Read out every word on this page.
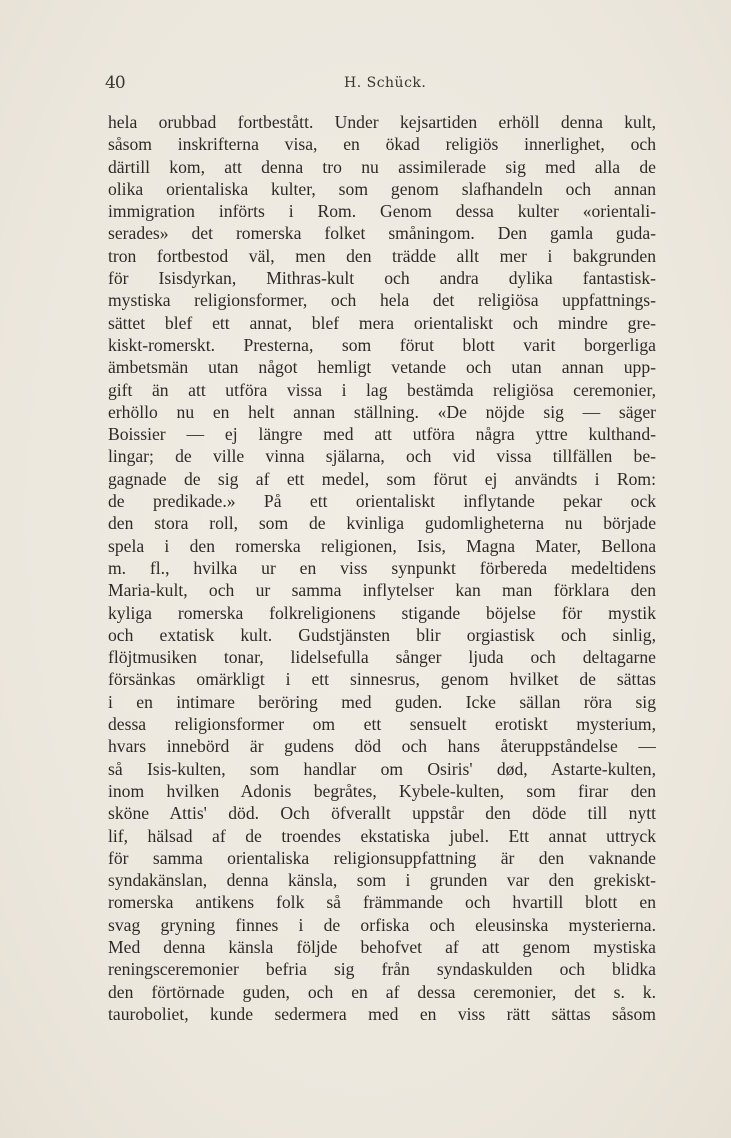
40	H. Schück.
hela orubbad fortbestått. Under kejsartiden erhöll denna kult,
såsom inskrifterna visa, en ökad religiös innerlighet, och
därtill kom, att denna tro nu assimilerade sig med alla de
olika orientaliska kulter, som genom slafhandeln och annan
immigration införts i Rom. Genom dessa kulter «orientali-
serades» det romerska folket småningom. Den gamla guda-
tron fortbestod väl, men den trädde allt mer i bakgrunden
för Isisdyrkan, Mithras-kult och andra dylika fantastisk-
mystiska religionsformer, och hela det religiösa uppfattnings-
sättet blef ett annat, blef mera orientaliskt och mindre gre-
kiskt-romerskt. Presterna, som förut blott varit borgerliga
ämbetsmän utan något hemligt vetande och utan annan upp-
gift än att utföra vissa i lag bestämda religiösa ceremonier,
erhöllo nu en helt annan ställning. «De nöjde sig — säger
Boissier — ej längre med att utföra några yttre kulthand-
lingar; de ville vinna själarna, och vid vissa tillfällen be-
gagnade de sig af ett medel, som förut ej användts i Rom:
de predikade.» På ett orientaliskt inflytande pekar ock
den stora roll, som de kvinliga gudomligheterna nu började
spela i den romerska religionen, Isis, Magna Mater, Bellona
m. fl., hvilka ur en viss synpunkt förbereda medeltidens
Maria-kult, och ur samma inflytelser kan man förklara den
kyliga romerska folkreligionens stigande böjelse för mystik
och extatisk kult. Gudstjänsten blir orgiastisk och sinlig,
flöjtmusiken tonar, lidelsefulla sånger ljuda och deltagarne
försänkas omärkligt i ett sinnesrus, genom hvilket de sättas
i en intimare beröring med guden. Icke sällan röra sig
dessa religionsformer om ett sensuelt erotiskt mysterium,
hvars innebörd är gudens död och hans återuppståndelse —
så Isis-kulten, som handlar om Osiris' død, Astarte-kulten,
inom hvilken Adonis begråtes, Kybele-kulten, som firar den
sköne Attis' död. Och öfverallt uppstår den döde till nytt
lif, hälsad af de troendes ekstatiska jubel. Ett annat uttryck
för samma orientaliska religionsuppfattning är den vaknande
syndakänslan, denna känsla, som i grunden var den grekiskt-
romerska antikens folk så främmande och hvartill blott en
svag gryning finnes i de orfiska och eleusinska mysterierna.
Med denna känsla följde behofvet af att genom mystiska
reningsceremonier befria sig från syndaskulden och blidka
den förtörnade guden, och en af dessa ceremonier, det s. k.
tauroboliet, kunde sedermera med en viss rätt sättas såsom
